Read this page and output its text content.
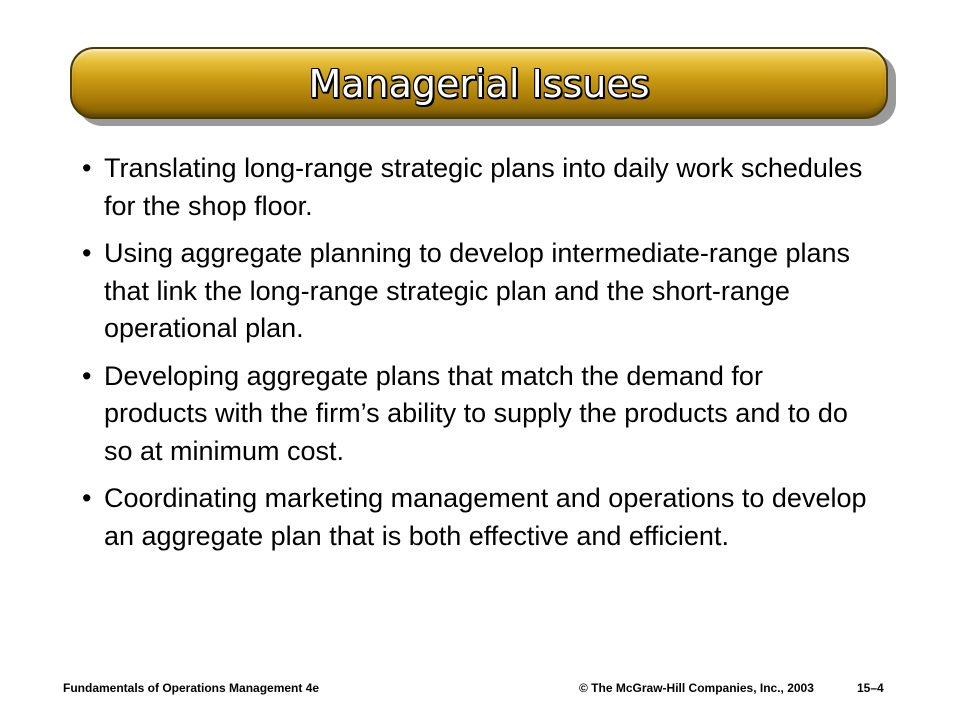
Managerial Issues
• Translating long-range strategic plans into daily work schedules for the shop floor.
• Using aggregate planning to develop intermediate-range plans that link the long-range strategic plan and the short-range operational plan.
• Developing aggregate plans that match the demand for products with the firm’s ability to supply the products and to do so at minimum cost.
• Coordinating marketing management and operations to develop an aggregate plan that is both effective and efficient.
Fundamentals of Operations Management 4e	© The McGraw-Hill Companies, Inc., 2003	15–4
